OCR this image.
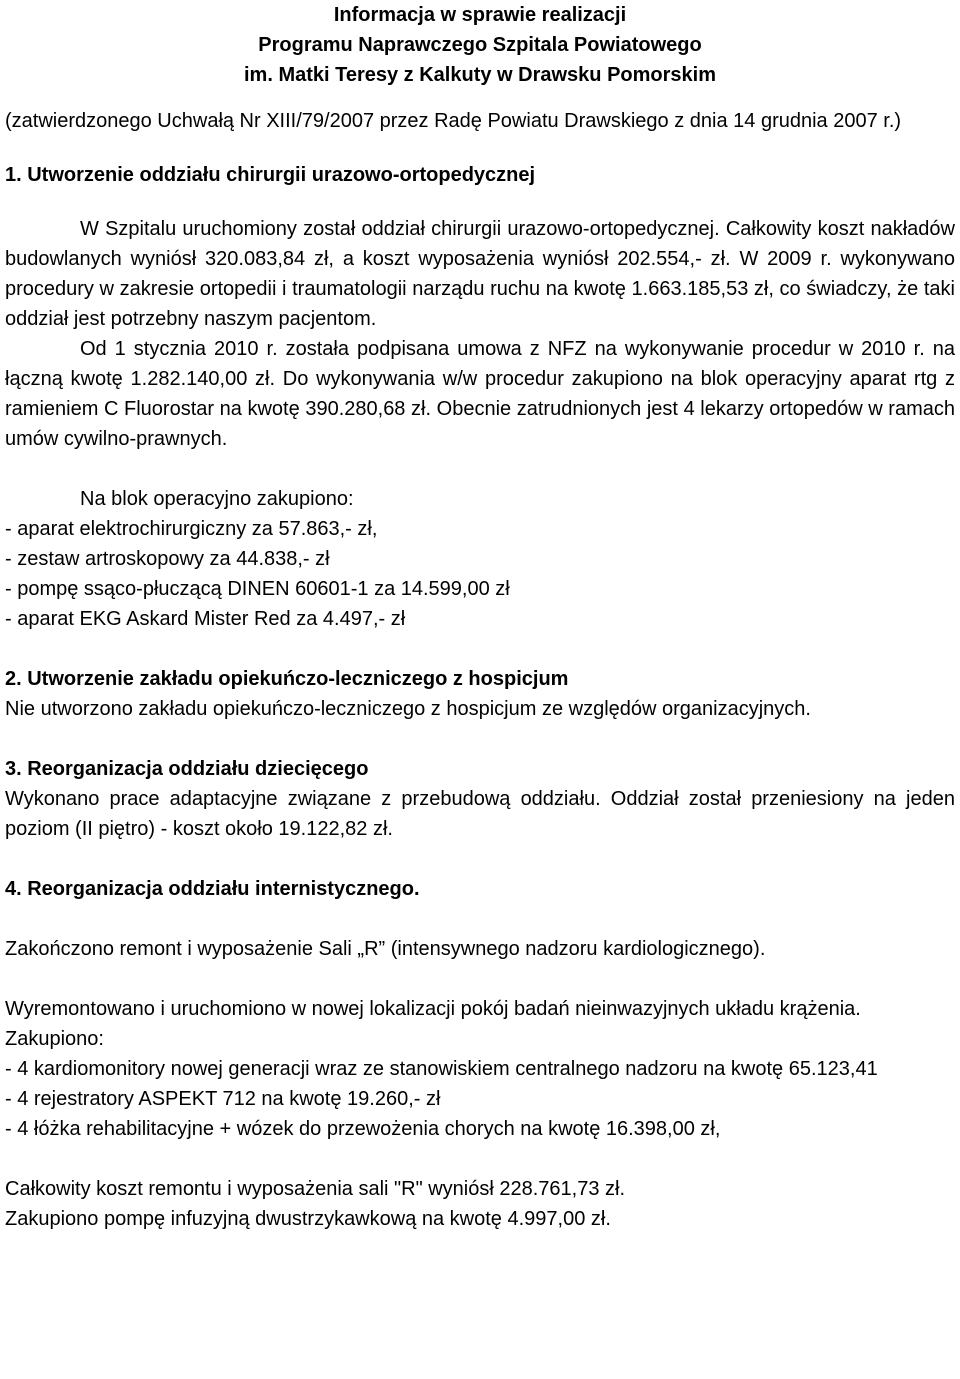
Informacja w sprawie realizacji
Programu Naprawczego Szpitala Powiatowego
im. Matki Teresy z Kalkuty w Drawsku Pomorskim

(zatwierdzonego Uchwałą Nr XIII/79/2007 przez Radę Powiatu Drawskiego z dnia 14 grudnia 2007 r.)

1. Utworzenie oddziału chirurgii urazowo-ortopedycznej

W Szpitalu uruchomiony został oddział chirurgii urazowo-ortopedycznej. Całkowity koszt nakładów budowlanych wyniósł 320.083,84 zł, a koszt wyposażenia wyniósł 202.554,- zł. W 2009 r. wykonywano procedury w zakresie ortopedii i traumatologii narządu ruchu na kwotę 1.663.185,53 zł, co świadczy, że taki oddział jest potrzebny naszym pacjentom.

Od 1 stycznia 2010 r. została podpisana umowa z NFZ na wykonywanie procedur w 2010 r. na łączną kwotę 1.282.140,00 zł. Do wykonywania w/w procedur zakupiono na blok operacyjny aparat rtg z ramieniem C Fluorostar na kwotę 390.280,68 zł. Obecnie zatrudnionych jest 4 lekarzy ortopedów w ramach umów cywilno-prawnych.

Na blok operacyjno zakupiono:

- aparat elektrochirurgiczny za 57.863,- zł,
- zestaw artroskopowy za 44.838,- zł
- pompę ssąco-płuczącą DINEN 60601-1 za 14.599,00 zł
- aparat EKG Askard Mister Red za 4.497,- zł
2. Utworzenie zakładu opiekuńczo-leczniczego z hospicjum

Nie utworzono zakładu opiekuńczo-leczniczego z hospicjum ze względów organizacyjnych.

3. Reorganizacja oddziału dziecięcego

Wykonano prace adaptacyjne związane z przebudową oddziału. Oddział został przeniesiony na jeden poziom (II piętro) - koszt około 19.122,82 zł.

4. Reorganizacja oddziału internistycznego.

Zakończono remont i wyposażenie Sali „R” (intensywnego nadzoru kardiologicznego).

Wyremontowano i uruchomiono w nowej lokalizacji pokój badań nieinwazyjnych układu krążenia.

Zakupiono:

- 4 kardiomonitory nowej generacji wraz ze stanowiskiem centralnego nadzoru na kwotę 65.123,41
- 4 rejestratory ASPEKT 712 na kwotę 19.260,- zł
- 4 łóżka rehabilitacyjne + wózek do przewożenia chorych na kwotę 16.398,00 zł,

Całkowity koszt remontu i wyposażenia sali "R" wyniósł 228.761,73 zł.

Zakupiono pompę infuzyjną dwustrzykawkową na kwotę 4.997,00 zł.
